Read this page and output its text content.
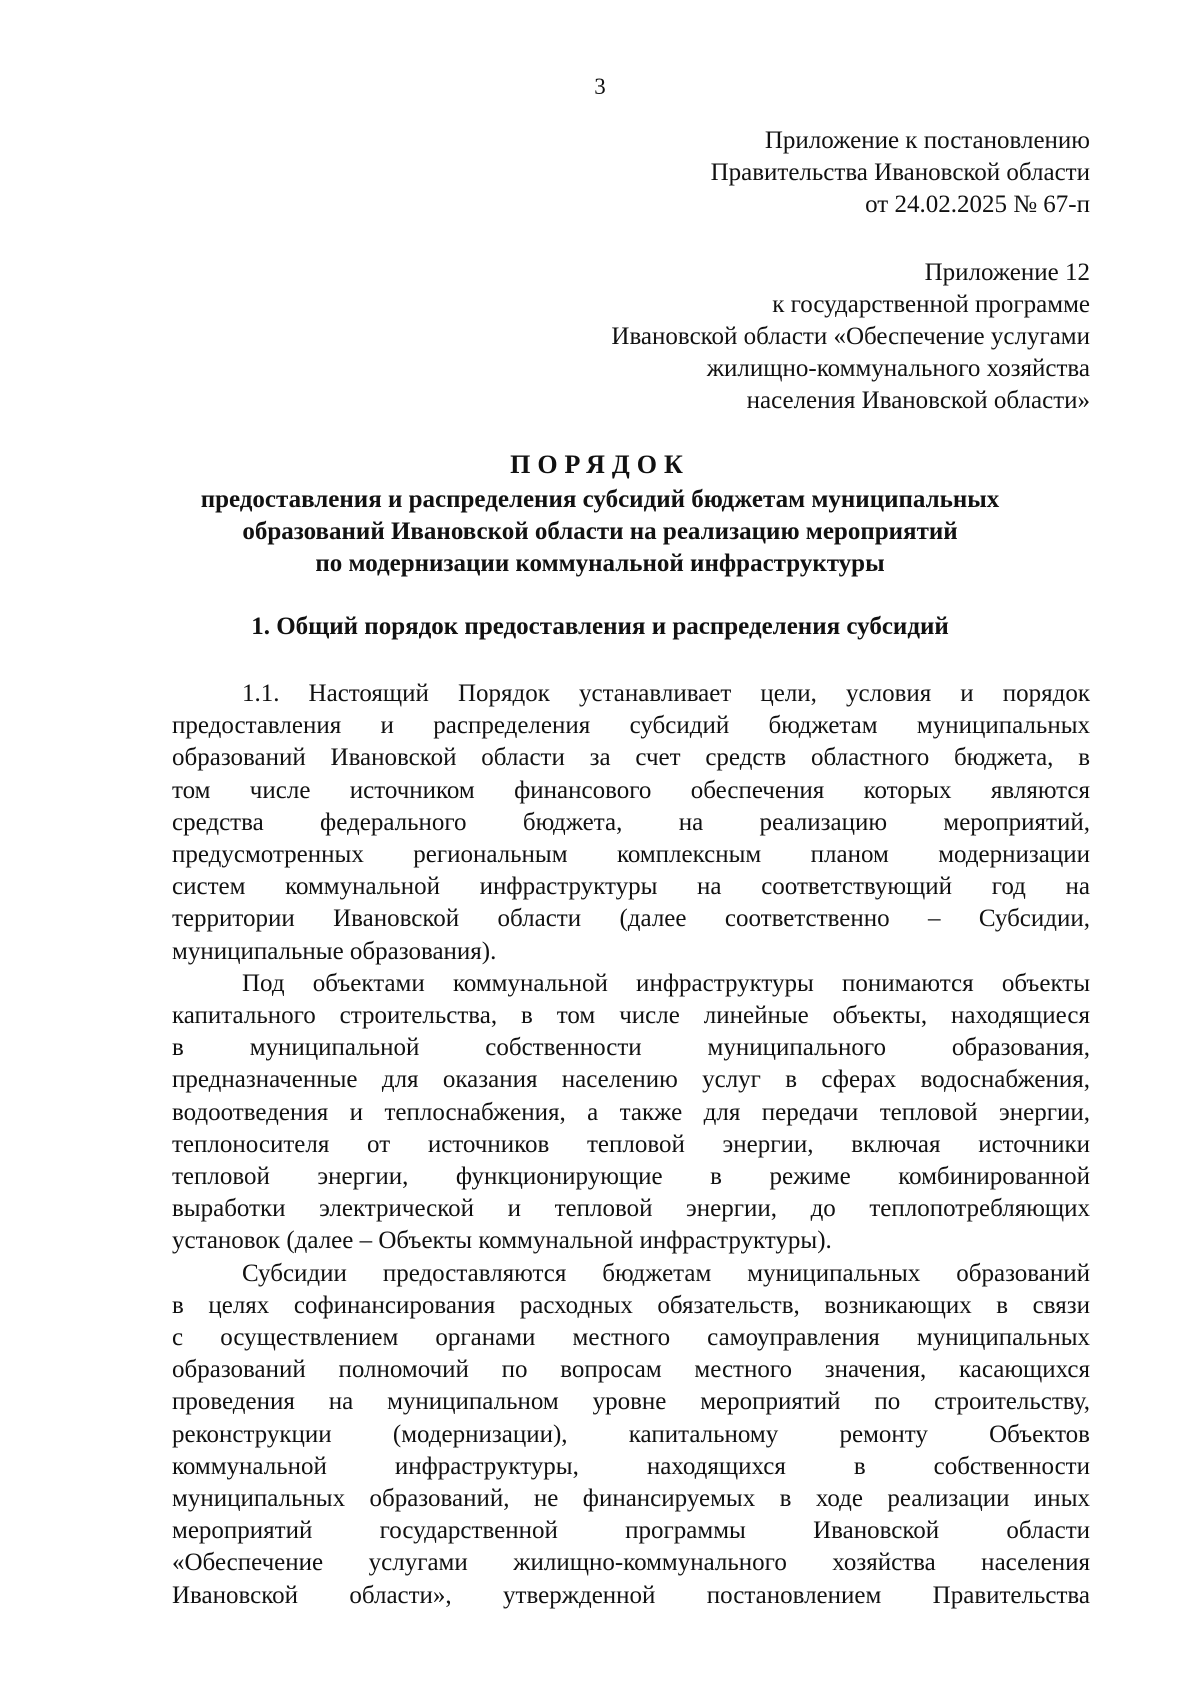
3
Приложение к постановлению
Правительства Ивановской области
от 24.02.2025 № 67-п
Приложение 12
к государственной программе
Ивановской области «Обеспечение услугами
жилищно-коммунального хозяйства
населения Ивановской области»
ПОРЯДОК
предоставления и распределения субсидий бюджетам муниципальных
образований Ивановской области на реализацию мероприятий
по модернизации коммунальной инфраструктуры
1. Общий порядок предоставления и распределения субсидий
1.1. Настоящий Порядок устанавливает цели, условия и порядок
предоставления и распределения субсидий бюджетам муниципальных
образований Ивановской области за счет средств областного бюджета, в
том числе источником финансового обеспечения которых являются
средства федерального бюджета, на реализацию мероприятий,
предусмотренных региональным комплексным планом модернизации
систем коммунальной инфраструктуры на соответствующий год на
территории Ивановской области (далее соответственно – Субсидии,
муниципальные образования).
Под объектами коммунальной инфраструктуры понимаются объекты
капитального строительства, в том числе линейные объекты, находящиеся
в муниципальной собственности муниципального образования,
предназначенные для оказания населению услуг в сферах водоснабжения,
водоотведения и теплоснабжения, а также для передачи тепловой энергии,
теплоносителя от источников тепловой энергии, включая источники
тепловой энергии, функционирующие в режиме комбинированной
выработки электрической и тепловой энергии, до теплопотребляющих
установок (далее – Объекты коммунальной инфраструктуры).
Субсидии предоставляются бюджетам муниципальных образований
в целях софинансирования расходных обязательств, возникающих в связи
с осуществлением органами местного самоуправления муниципальных
образований полномочий по вопросам местного значения, касающихся
проведения на муниципальном уровне мероприятий по строительству,
реконструкции (модернизации), капитальному ремонту Объектов
коммунальной инфраструктуры, находящихся в собственности
муниципальных образований, не финансируемых в ходе реализации иных
мероприятий государственной программы Ивановской области
«Обеспечение услугами жилищно-коммунального хозяйства населения
Ивановской области», утвержденной постановлением Правительства
